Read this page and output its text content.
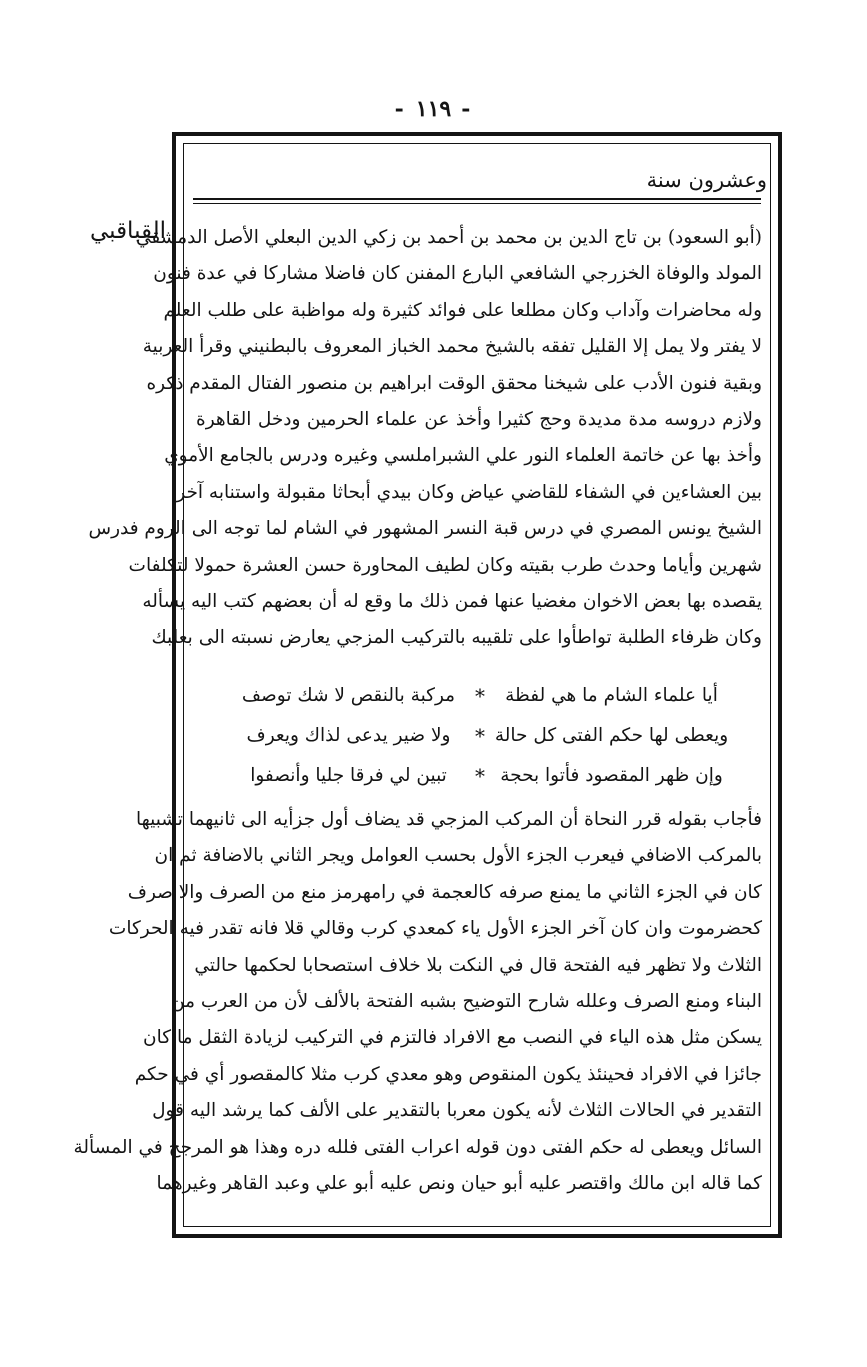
-١١٩-
القباقبي
وعشرون سنة
(أبو السعود) بن تاج الدين بن محمد بن أحمد بن زكي الدين البعلي الأصل الدمشقي
المولد والوفاة الخزرجي الشافعي البارع المفنن كان فاضلا مشاركا في عدة فنون
وله محاضرات وآداب وكان مطلعا على فوائد كثيرة وله مواظبة على طلب العلم
لا يفتر ولا يمل إلا القليل تفقه بالشيخ محمد الخباز المعروف بالبطنيني وقرأ العربية
وبقية فنون الأدب على شيخنا محقق الوقت ابراهيم بن منصور الفتال المقدم ذكره
ولازم دروسه مدة مديدة وحج كثيرا وأخذ عن علماء الحرمين ودخل القاهرة
وأخذ بها عن خاتمة العلماء النور علي الشبراملسي وغيره ودرس بالجامع الأموي
بين العشاءين في الشفاء للقاضي عياض وكان بيدي أبحاثا مقبولة واستنابه آخرا
الشيخ يونس المصري في درس قبة النسر المشهور في الشام لما توجه الى الروم فدرس
شهرين وأياما وحدث طرب بقيته وكان لطيف المحاورة حسن العشرة حمولا لتكلفات
يقصده بها بعض الاخوان مغضيا عنها فمن ذلك ما وقع له أن بعضهم كتب اليه يسأله
وكان ظرفاء الطلبة تواطأوا على تلقيبه بالتركيب المزجي يعارض نسبته الى بعلبك
أيا علماء الشام ما هي لفظة
*
مركبة بالنقص لا شك توصف
ويعطى لها حكم الفتى كل حالة
*
ولا ضير يدعى لذاك ويعرف
وإن ظهر المقصود فأتوا بحجة
*
تبين لي فرقا جليا وأنصفوا
فأجاب بقوله قرر النحاة أن المركب المزجي قد يضاف أول جزأيه الى ثانيهما تشبيها
بالمركب الاضافي فيعرب الجزء الأول بحسب العوامل ويجر الثاني بالاضافة ثم ان
كان في الجزء الثاني ما يمنع صرفه كالعجمة في رامهرمز منع من الصرف والا صرف
كحضرموت وان كان آخر الجزء الأول ياء كمعدي كرب وقالي قلا فانه تقدر فيه الحركات
الثلاث ولا تظهر فيه الفتحة قال في النكت بلا خلاف استصحابا لحكمها حالتي
البناء ومنع الصرف وعلله شارح التوضيح بشبه الفتحة بالألف لأن من العرب من
يسكن مثل هذه الياء في النصب مع الافراد فالتزم في التركيب لزيادة الثقل ما كان
جائزا في الافراد فحينئذ يكون المنقوص وهو معدي كرب مثلا كالمقصور أي في حكم
التقدير في الحالات الثلاث لأنه يكون معربا بالتقدير على الألف كما يرشد اليه قول
السائل ويعطى له حكم الفتى دون قوله اعراب الفتى فلله دره وهذا هو المرجح في المسألة
كما قاله ابن مالك واقتصر عليه أبو حيان ونص عليه أبو علي وعبد القاهر وغيرهما
